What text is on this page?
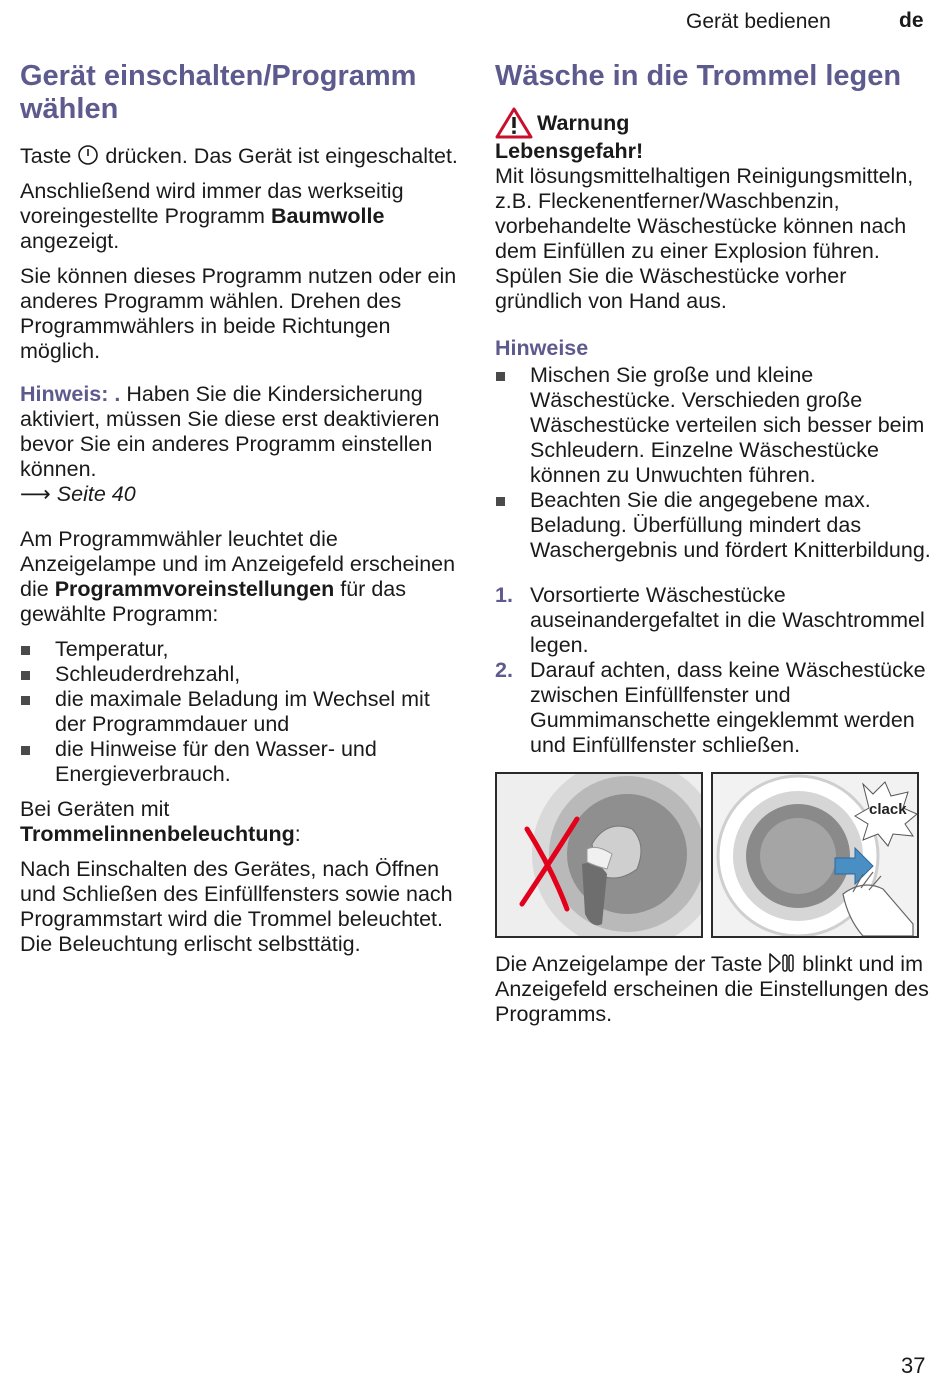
Gerät bedienen	de
Gerät einschalten/Programm wählen

Taste drücken. Das Gerät ist eingeschaltet.

Anschließend wird immer das werkseitig voreingestellte Programm Baumwolle angezeigt.

Sie können dieses Programm nutzen oder ein anderes Programm wählen. Drehen des Programmwählers in beide Richtungen möglich.

Hinweis: . Haben Sie die Kindersicherung aktiviert, müssen Sie diese erst deaktivieren bevor Sie ein anderes Programm einstellen können.
⟶ Seite 40

Am Programmwähler leuchtet die Anzeigelampe und im Anzeigefeld erscheinen die Programmvoreinstellungen für das gewählte Programm:

Temperatur,
Schleuderdrehzahl,
die maximale Beladung im Wechsel mit der Programmdauer und
die Hinweise für den Wasser- und Energieverbrauch.

Bei Geräten mit
Trommelinnenbeleuchtung:

Nach Einschalten des Gerätes, nach Öffnen und Schließen des Einfüllfensters sowie nach Programmstart wird die Trommel beleuchtet. Die Beleuchtung erlischt selbsttätig.

Wäsche in die Trommel legen
Warnung

Lebensgefahr!

Mit lösungsmittelhaltigen Reinigungsmitteln, z.B. Fleckenentferner/Waschbenzin, vorbehandelte Wäschestücke können nach dem Einfüllen zu einer Explosion führen.

Spülen Sie die Wäschestücke vorher gründlich von Hand aus.

Hinweise
Mischen Sie große und kleine Wäschestücke. Verschieden große Wäschestücke verteilen sich besser beim Schleudern. Einzelne Wäschestücke können zu Unwuchten führen.
Beachten Sie die angegebene max. Beladung. Überfüllung mindert das Waschergebnis und fördert Knitterbildung.
1. Vorsortierte Wäschestücke auseinandergefaltet in die Waschtrommel legen.
2. Darauf achten, dass keine Wäschestücke zwischen Einfüllfenster und Gummimanschette eingeklemmt werden und Einfüllfenster schließen.
clack

Die Anzeigelampe der Taste blinkt und im Anzeigefeld erscheinen die Einstellungen des Programms.

37
